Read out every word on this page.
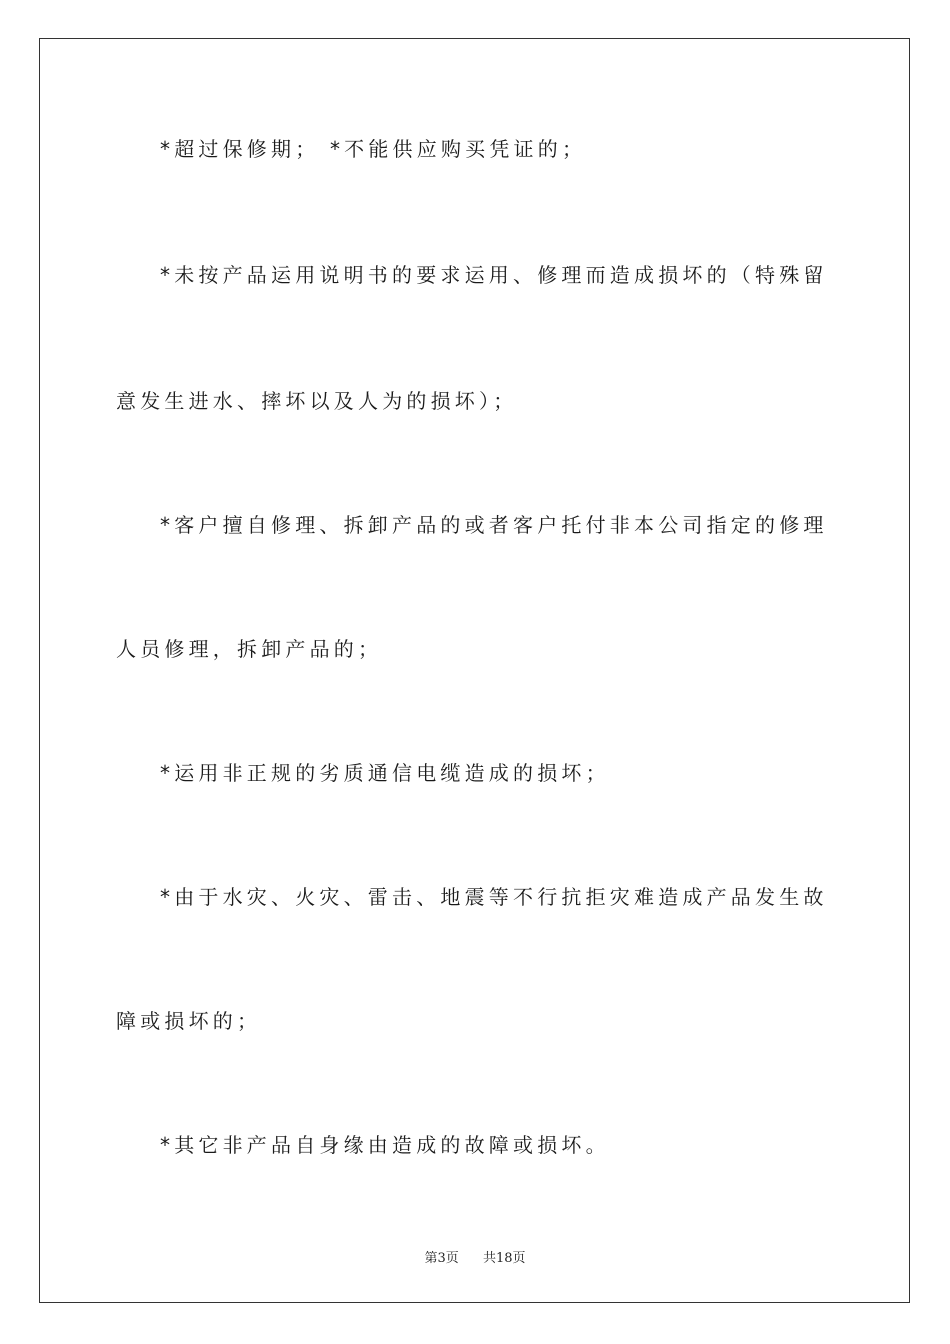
*超过保修期； *不能供应购买凭证的；
*未按产品运用说明书的要求运用、修理而造成损坏的（特殊留
意发生进水、摔坏以及人为的损坏）；
*客户擅自修理、拆卸产品的或者客户托付非本公司指定的修理
人员修理，拆卸产品的；
*运用非正规的劣质通信电缆造成的损坏；
*由于水灾、火灾、雷击、地震等不行抗拒灾难造成产品发生故
障或损坏的；
*其它非产品自身缘由造成的故障或损坏。
第3页 共18页
